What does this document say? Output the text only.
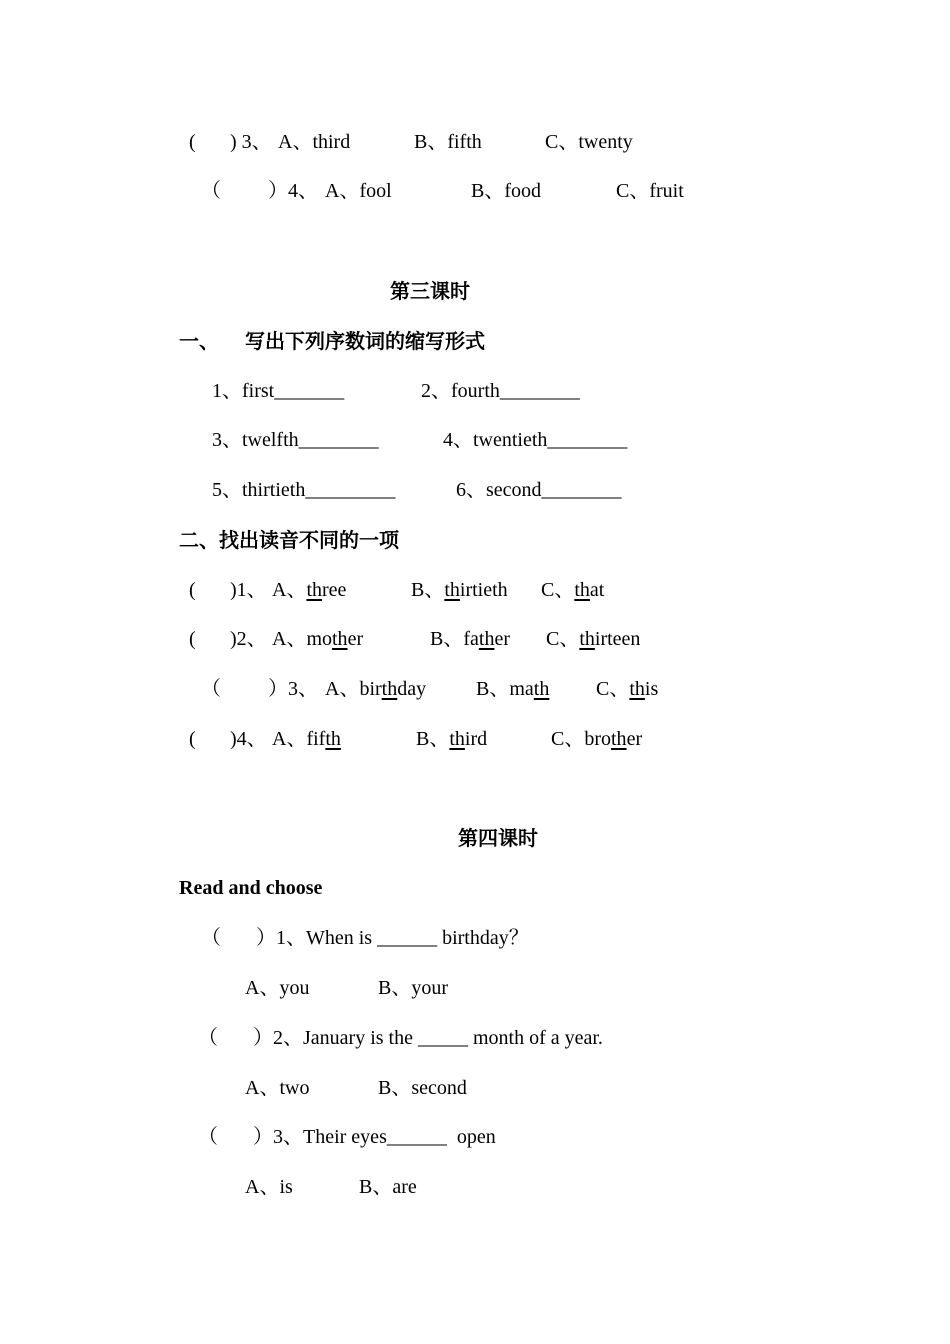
( ) 3、 A、third	B、fifth	C、twenty
（ ）4、 A、fool	B、food	C、fruit
第三课时
一、 写出下列序数词的缩写形式
1、first_______	2、fourth________
3、twelfth________	4、twentieth________
5、thirtieth_________	6、second________
二、找出读音不同的一项
( )1、 A、three	B、thirtieth C、that
( )2、 A、mother	B、father C、thirteen
（ ）3、 A、birthday B、math C、this
( )4、 A、fifth	B、third	C、brother
第四课时
Read and choose
（ ）1、When is ______ birthday？
A、you	B、your
（ ）2、January is the _____ month of a year.
A、two	B、second
（ ）3、Their eyes______  open
A、is	B、are
